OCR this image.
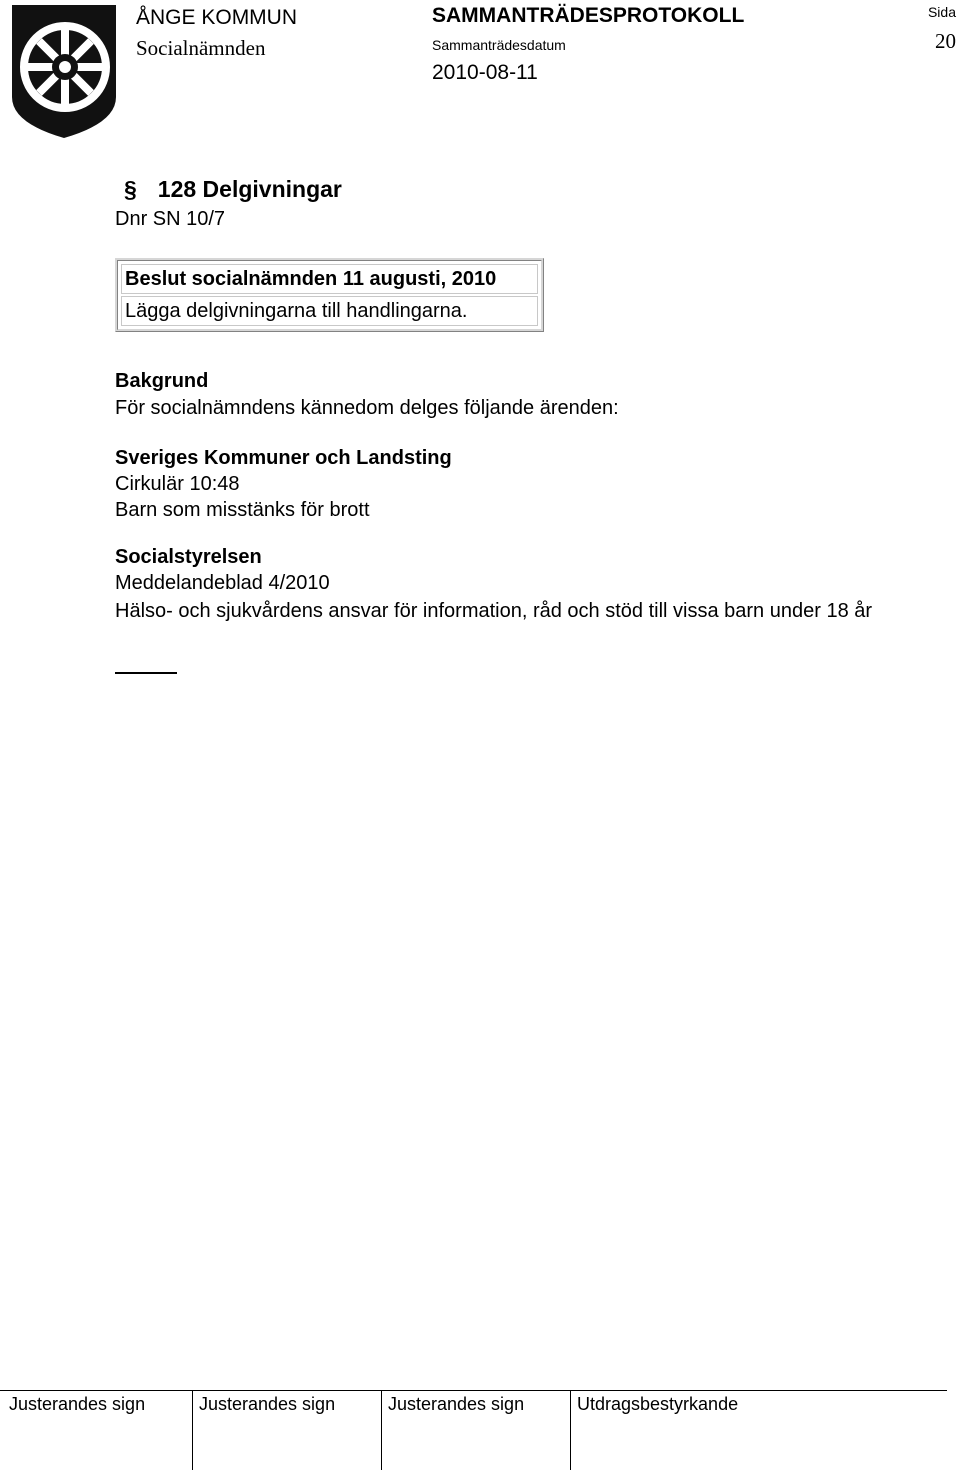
ÅNGE KOMMUN
Socialnämnden
SAMMANTRÄDESPROTOKOLL
Sammanträdesdatum
2010-08-11
Sida
20
§ 128 Delgivningar
Dnr SN 10/7
Beslut socialnämnden 11 augusti, 2010
Lägga delgivningarna till handlingarna.
Bakgrund
För socialnämndens kännedom delges följande ärenden:
Sveriges Kommuner och Landsting
Cirkulär 10:48
Barn som misstänks för brott
Socialstyrelsen
Meddelandeblad 4/2010
Hälso- och sjukvårdens ansvar för information, råd och stöd till vissa barn under 18 år
Justerandes sign	Justerandes sign	Justerandes sign	Utdragsbestyrkande
